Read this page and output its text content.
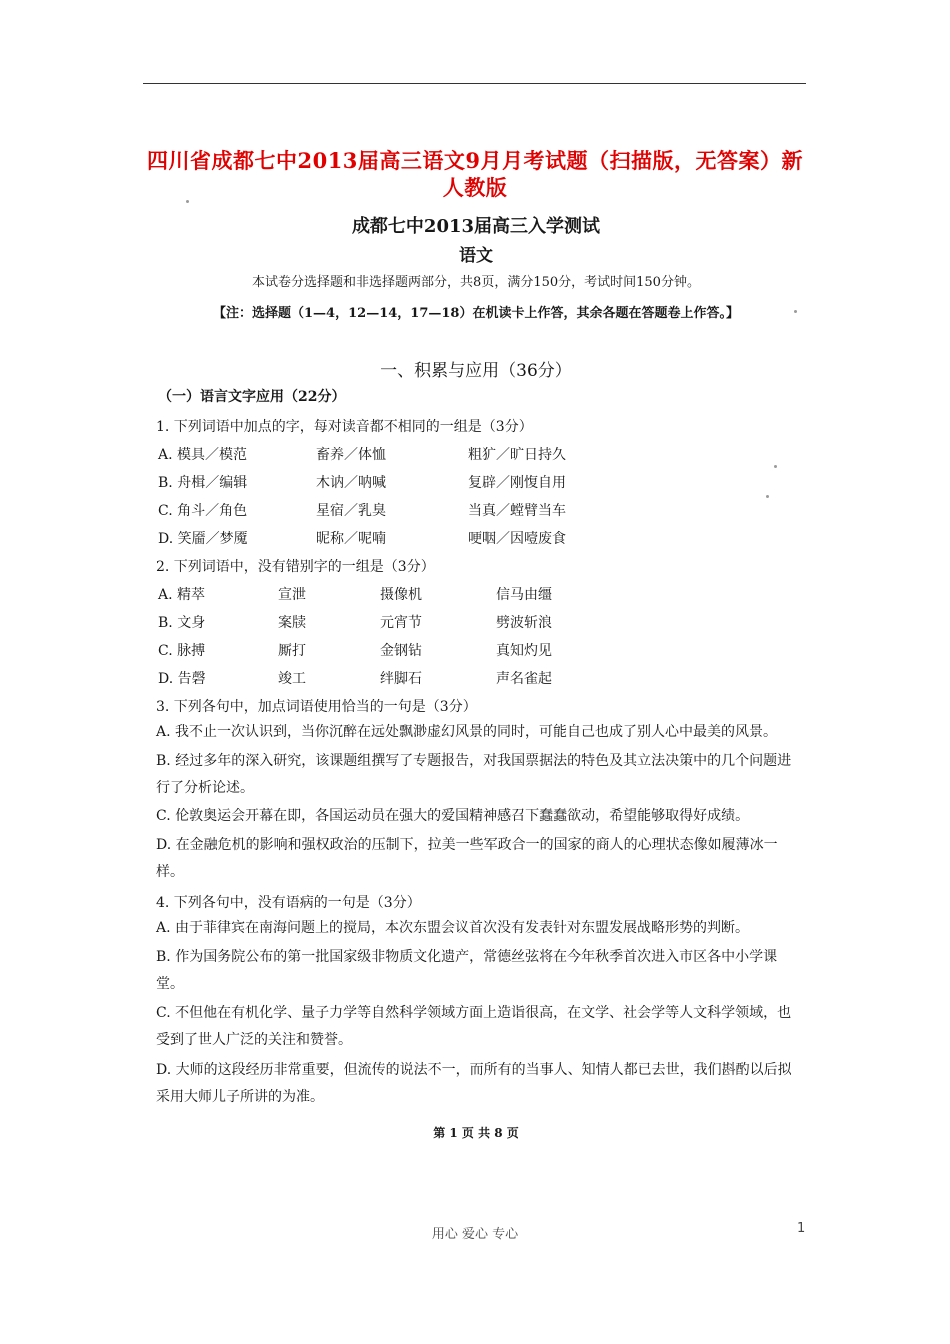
四川省成都七中2013届高三语文9月月考试题（扫描版，无答案）新人教版
成都七中2013届高三入学测试
语文
本试卷分选择题和非选择题两部分，共8页，满分150分，考试时间150分钟。
【注：选择题（1—4，12—14，17—18）在机读卡上作答，其余各题在答题卷上作答。】
一、积累与应用（36分）
（一）语言文字应用（22分）
1. 下列词语中加点的字，每对读音都不相同的一组是（3分）
A. 模具／模范	畜养／体恤	粗犷／旷日持久
B. 舟楫／编辑	木讷／呐喊	复辟／刚愎自用
C. 角斗／角色	星宿／乳臭	当真／螳臂当车
D. 笑靥／梦魇	昵称／呢喃	哽咽／因噎废食
2. 下列词语中，没有错别字的一组是（3分）
A. 精萃	宣泄	摄像机	信马由缰
B. 文身	案牍	元宵节	劈波斩浪
C. 脉搏	厮打	金钢钻	真知灼见
D. 告磬	竣工	绊脚石	声名雀起
3. 下列各句中，加点词语使用恰当的一句是（3分）
A. 我不止一次认识到，当你沉醉在远处飘渺虚幻风景的同时，可能自己也成了别人心中最美的风景。
B. 经过多年的深入研究，该课题组撰写了专题报告，对我国票据法的特色及其立法决策中的几个问题进行了分析论述。
C. 伦敦奥运会开幕在即，各国运动员在强大的爱国精神感召下蠢蠢欲动，希望能够取得好成绩。
D. 在金融危机的影响和强权政治的压制下，拉美一些军政合一的国家的商人的心理状态像如履薄冰一样。
4. 下列各句中，没有语病的一句是（3分）
A. 由于菲律宾在南海问题上的搅局，本次东盟会议首次没有发表针对东盟发展战略形势的判断。
B. 作为国务院公布的第一批国家级非物质文化遗产，常德丝弦将在今年秋季首次进入市区各中小学课堂。
C. 不但他在有机化学、量子力学等自然科学领域方面上造诣很高，在文学、社会学等人文科学领域，也受到了世人广泛的关注和赞誉。
D. 大师的这段经历非常重要，但流传的说法不一，而所有的当事人、知情人都已去世，我们斟酌以后拟采用大师儿子所讲的为准。
第 1 页 共 8 页
用心 爱心 专心	1
